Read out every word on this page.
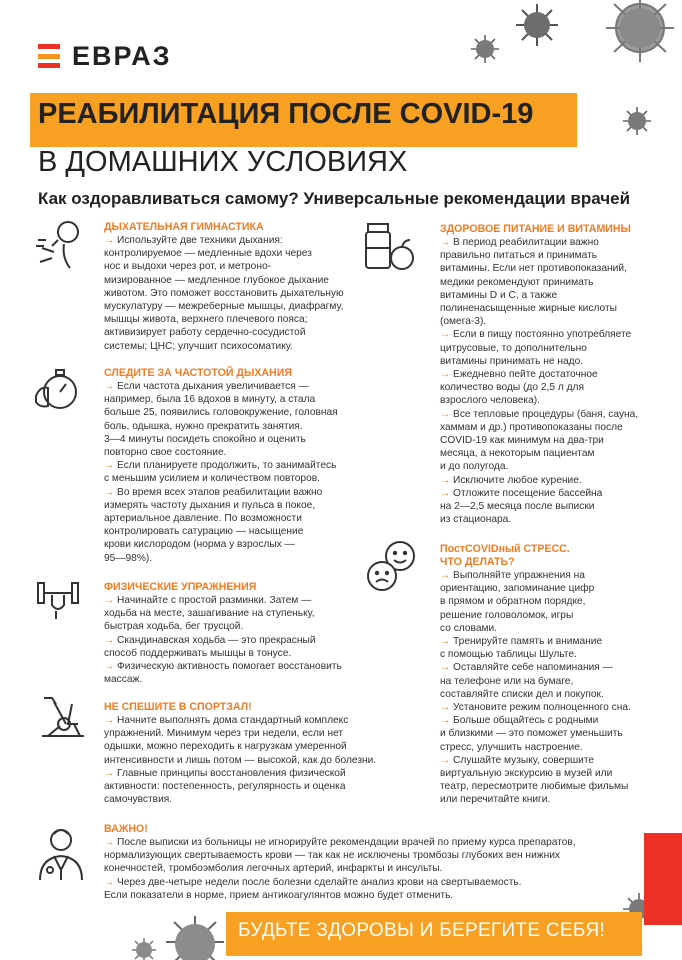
ЕВРАЗ
РЕАБИЛИТАЦИЯ ПОСЛЕ COVID-19
В ДОМАШНИХ УСЛОВИЯХ
Как оздоравливаться самому? Универсальные рекомендации врачей
ДЫХАТЕЛЬНАЯ ГИМНАСТИКА

→ Используйте две техники дыхания:

контролируемое — медленные вдохи через

нос и выдохи через рот, и метроно-

мизированное — медленное глубокое дыхание

животом. Это поможет восстановить дыхательную

мускулатуру — межреберные мышцы, диафрагму,

мышцы живота, верхнего плечевого пояса;

активизирует работу сердечно-сосудистой

системы; ЦНС; улучшит психосоматику.

СЛЕДИТЕ ЗА ЧАСТОТОЙ ДЫХАНИЯ

→ Если частота дыхания увеличивается —

например, была 16 вдохов в минуту, а стала

больше 25, появились головокружение, головная

боль, одышка, нужно прекратить занятия.

3—4 минуты посидеть спокойно и оценить

повторно свое состояние.

→ Если планируете продолжить, то занимайтесь

с меньшим усилием и количеством повторов.

→ Во время всех этапов реабилитации важно

измерять частоту дыхания и пульса в покое,

артериальное давление. По возможности

контролировать сатурацию — насыщение

крови кислородом (норма у взрослых —

95—98%).

ФИЗИЧЕСКИЕ УПРАЖНЕНИЯ

→ Начинайте с простой разминки. Затем —

ходьба на месте, зашагивание на ступеньку,

быстрая ходьба, бег трусцой.

→ Скандинавская ходьба — это прекрасный

способ поддерживать мышцы в тонусе.

→ Физическую активность помогает восстановить

массаж.

НЕ СПЕШИТЕ В СПОРТЗАЛ!

→ Начните выполнять дома стандартный комплекс

упражнений. Минимум через три недели, если нет

одышки, можно переходить к нагрузкам умеренной

интенсивности и лишь потом — высокой, как до болезни.

→ Главные принципы восстановления физической

активности: постепенность, регулярность и оценка

самочувствия.

ЗДОРОВОЕ ПИТАНИЕ И ВИТАМИНЫ

→ В период реабилитации важно

правильно питаться и принимать

витамины. Если нет противопоказаний,

медики рекомендуют принимать

витамины D и С, а также

полиненасыщенные жирные кислоты

(омега-3).

→ Если в пищу постоянно употребляете

цитрусовые, то дополнительно

витамины принимать не надо.

→ Ежедневно пейте достаточное

количество воды (до 2,5 л для

взрослого человека).

→ Все тепловые процедуры (баня, сауна,

хаммам и др.) противопоказаны после

COVID-19 как минимум на два-три

месяца, а некоторым пациентам

и до полугода.

→ Исключите любое курение.

→ Отложите посещение бассейна

на 2—2,5 месяца после выписки

из стационара.

ПостCOVIDный СТРЕСС.
ЧТО ДЕЛАТЬ?

→ Выполняйте упражнения на

ориентацию, запоминание цифр

в прямом и обратном порядке,

решение головоломок, игры

со словами.

→ Тренируйте память и внимание

с помощью таблицы Шульте.

→ Оставляйте себе напоминания —

на телефоне или на бумаге,

составляйте списки дел и покупок.

→ Установите режим полноценного сна.

→ Больше общайтесь с родными

и близкими — это поможет уменьшить

стресс, улучшить настроение.

→ Слушайте музыку, совершите

виртуальную экскурсию в музей или

театр, пересмотрите любимые фильмы

или перечитайте книги.

ВАЖНО!

→ После выписки из больницы не игнорируйте рекомендации врачей по приему курса препаратов,

нормализующих свертываемость крови — так как не исключены тромбозы глубоких вен нижних

конечностей, тромбоэмболия легочных артерий, инфаркты и инсульты.

→ Через две-четыре недели после болезни сделайте анализ крови на свертываемость.

Если показатели в норме, прием антикоагулянтов можно будет отменить.

БУДЬТЕ ЗДОРОВЫ И БЕРЕГИТЕ СЕБЯ!
